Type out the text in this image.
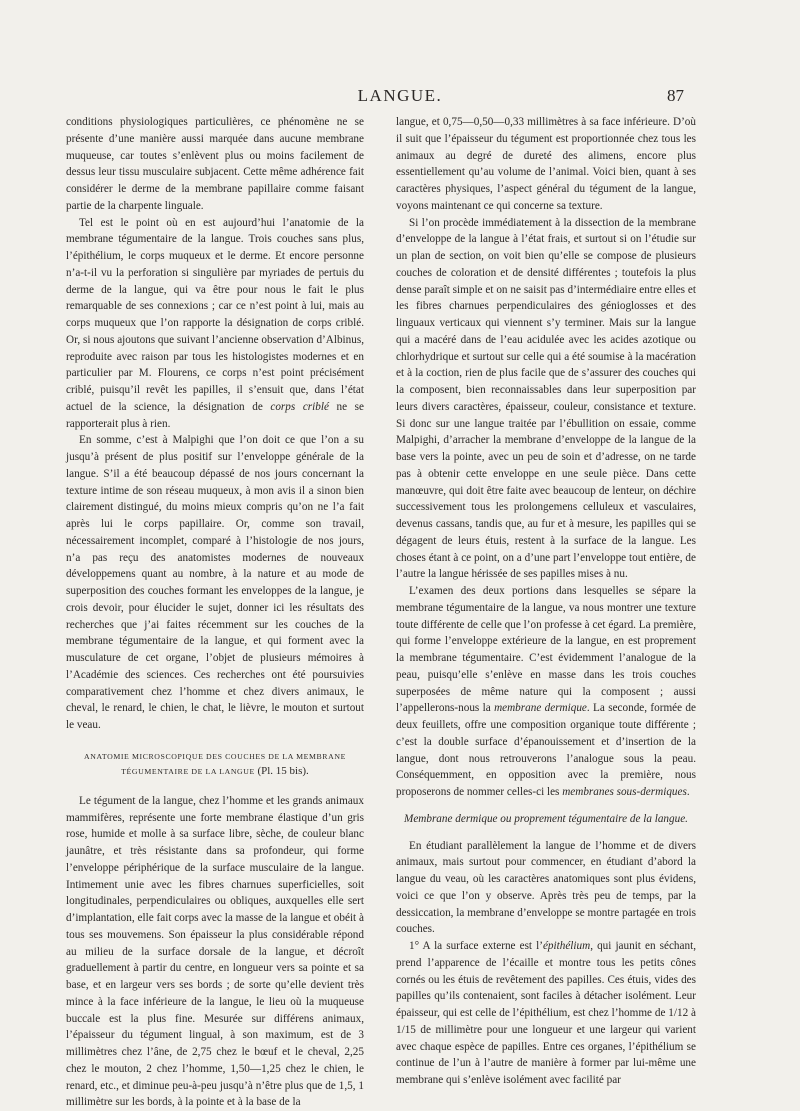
LANGUE.	87

conditions physiologiques particulières, ce phénomène ne se présente d’une manière aussi marquée dans aucune membrane muqueuse, car toutes s’enlèvent plus ou moins facilement de dessus leur tissu musculaire subjacent. Cette même adhérence fait considérer le derme de la membrane papillaire comme faisant partie de la charpente linguale.

Tel est le point où en est aujourd’hui l’anatomie de la membrane tégumentaire de la langue. Trois couches sans plus, l’épithélium, le corps muqueux et le derme. Et encore personne n’a-t-il vu la perforation si singulière par myriades de pertuis du derme de la langue, qui va être pour nous le fait le plus remarquable de ses connexions ; car ce n’est point à lui, mais au corps muqueux que l’on rapporte la désignation de corps criblé. Or, si nous ajoutons que suivant l’ancienne observation d’Albinus, reproduite avec raison par tous les histologistes modernes et en particulier par M. Flourens, ce corps n’est point précisément criblé, puisqu’il revêt les papilles, il s’ensuit que, dans l’état actuel de la science, la désignation de corps criblé ne se rapporterait plus à rien.

En somme, c’est à Malpighi que l’on doit ce que l’on a su jusqu’à présent de plus positif sur l’enveloppe générale de la langue. S’il a été beaucoup dépassé de nos jours concernant la texture intime de son réseau muqueux, à mon avis il a sinon bien clairement distingué, du moins mieux compris qu’on ne l’a fait après lui le corps papillaire. Or, comme son travail, nécessairement incomplet, comparé à l’histologie de nos jours, n’a pas reçu des anatomistes modernes de nouveaux développemens quant au nombre, à la nature et au mode de superposition des couches formant les enveloppes de la langue, je crois devoir, pour élucider le sujet, donner ici les résultats des recherches que j’ai faites récemment sur les couches de la membrane tégumentaire de la langue, et qui forment avec la musculature de cet organe, l’objet de plusieurs mémoires à l’Académie des sciences. Ces recherches ont été poursuivies comparativement chez l’homme et chez divers animaux, le cheval, le renard, le chien, le chat, le lièvre, le mouton et surtout le veau.

ANATOMIE MICROSCOPIQUE DES COUCHES DE LA MEMBRANE
TÉGUMENTAIRE DE LA LANGUE (Pl. 15 bis).

Le tégument de la langue, chez l’homme et les grands animaux mammifères, représente une forte membrane élastique d’un gris rose, humide et molle à sa surface libre, sèche, de couleur blanc jaunâtre, et très résistante dans sa profondeur, qui forme l’enveloppe périphérique de la surface musculaire de la langue. Intimement unie avec les fibres charnues superficielles, soit longitudinales, perpendiculaires ou obliques, auxquelles elle sert d’implantation, elle fait corps avec la masse de la langue et obéit à tous ses mouvemens. Son épaisseur la plus considérable répond au milieu de la surface dorsale de la langue, et décroît graduellement à partir du centre, en longueur vers sa pointe et sa base, et en largeur vers ses bords ; de sorte qu’elle devient très mince à la face inférieure de la langue, le lieu où la muqueuse buccale est la plus fine. Mesurée sur différens animaux, l’épaisseur du tégument lingual, à son maximum, est de 3 millimètres chez l’âne, de 2,75 chez le bœuf et le cheval, 2,25 chez le mouton, 2 chez l’homme, 1,50—1,25 chez le chien, le renard, etc., et diminue peu-à-peu jusqu’à n’être plus que de 1,5, 1 millimètre sur les bords, à la pointe et à la base de la

langue, et 0,75—0,50—0,33 millimètres à sa face inférieure. D’où il suit que l’épaisseur du tégument est proportionnée chez tous les animaux au degré de dureté des alimens, encore plus essentiellement qu’au volume de l’animal. Voici bien, quant à ses caractères physiques, l’aspect général du tégument de la langue, voyons maintenant ce qui concerne sa texture.

Si l’on procède immédiatement à la dissection de la membrane d’enveloppe de la langue à l’état frais, et surtout si on l’étudie sur un plan de section, on voit bien qu’elle se compose de plusieurs couches de coloration et de densité différentes ; toutefois la plus dense paraît simple et on ne saisit pas d’intermédiaire entre elles et les fibres charnues perpendiculaires des génioglosses et des linguaux verticaux qui viennent s’y terminer. Mais sur la langue qui a macéré dans de l’eau acidulée avec les acides azotique ou chlorhydrique et surtout sur celle qui a été soumise à la macération et à la coction, rien de plus facile que de s’assurer des couches qui la composent, bien reconnaissables dans leur superposition par leurs divers caractères, épaisseur, couleur, consistance et texture. Si donc sur une langue traitée par l’ébullition on essaie, comme Malpighi, d’arracher la membrane d’enveloppe de la langue de la base vers la pointe, avec un peu de soin et d’adresse, on ne tarde pas à obtenir cette enveloppe en une seule pièce. Dans cette manœuvre, qui doit être faite avec beaucoup de lenteur, on déchire successivement tous les prolongemens celluleux et vasculaires, devenus cassans, tandis que, au fur et à mesure, les papilles qui se dégagent de leurs étuis, restent à la surface de la langue. Les choses étant à ce point, on a d’une part l’enveloppe tout entière, de l’autre la langue hérissée de ses papilles mises à nu.

L’examen des deux portions dans lesquelles se sépare la membrane tégumentaire de la langue, va nous montrer une texture toute différente de celle que l’on professe à cet égard. La première, qui forme l’enveloppe extérieure de la langue, en est proprement la membrane tégumentaire. C’est évidemment l’analogue de la peau, puisqu’elle s’enlève en masse dans les trois couches superposées de même nature qui la composent ; aussi l’appellerons-nous la membrane dermique. La seconde, formée de deux feuillets, offre une composition organique toute différente ; c’est la double surface d’épanouissement et d’insertion de la langue, dont nous retrouverons l’analogue sous la peau. Conséquemment, en opposition avec la première, nous proposerons de nommer celles-ci les membranes sous-dermiques.

Membrane dermique ou proprement tégumentaire de la langue.

En étudiant parallèlement la langue de l’homme et de divers animaux, mais surtout pour commencer, en étudiant d’abord la langue du veau, où les caractères anatomiques sont plus évidens, voici ce que l’on y observe. Après très peu de temps, par la dessiccation, la membrane d’enveloppe se montre partagée en trois couches.

1° A la surface externe est l’épithélium, qui jaunit en séchant, prend l’apparence de l’écaille et montre tous les petits cônes cornés ou les étuis de revêtement des papilles. Ces étuis, vides des papilles qu’ils contenaient, sont faciles à détacher isolément. Leur épaisseur, qui est celle de l’épithélium, est chez l’homme de 1/12 à 1/15 de millimètre pour une longueur et une largeur qui varient avec chaque espèce de papilles. Entre ces organes, l’épithélium se continue de l’un à l’autre de manière à former par lui-même une membrane qui s’enlève isolément avec facilité par
